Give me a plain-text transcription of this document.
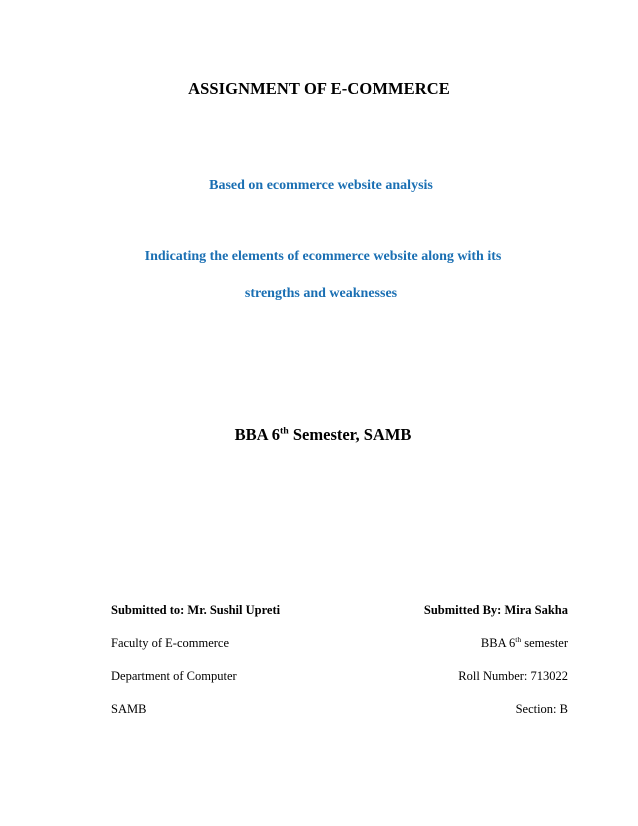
ASSIGNMENT OF E-COMMERCE
Based on ecommerce website analysis
Indicating the elements of ecommerce website along with its
strengths and weaknesses
BBA 6th Semester, SAMB
Submitted to: Mr. Sushil Upreti	Submitted By: Mira Sakha
Faculty of E-commerce	BBA 6th semester
Department of Computer	Roll Number: 713022
SAMB	Section: B
